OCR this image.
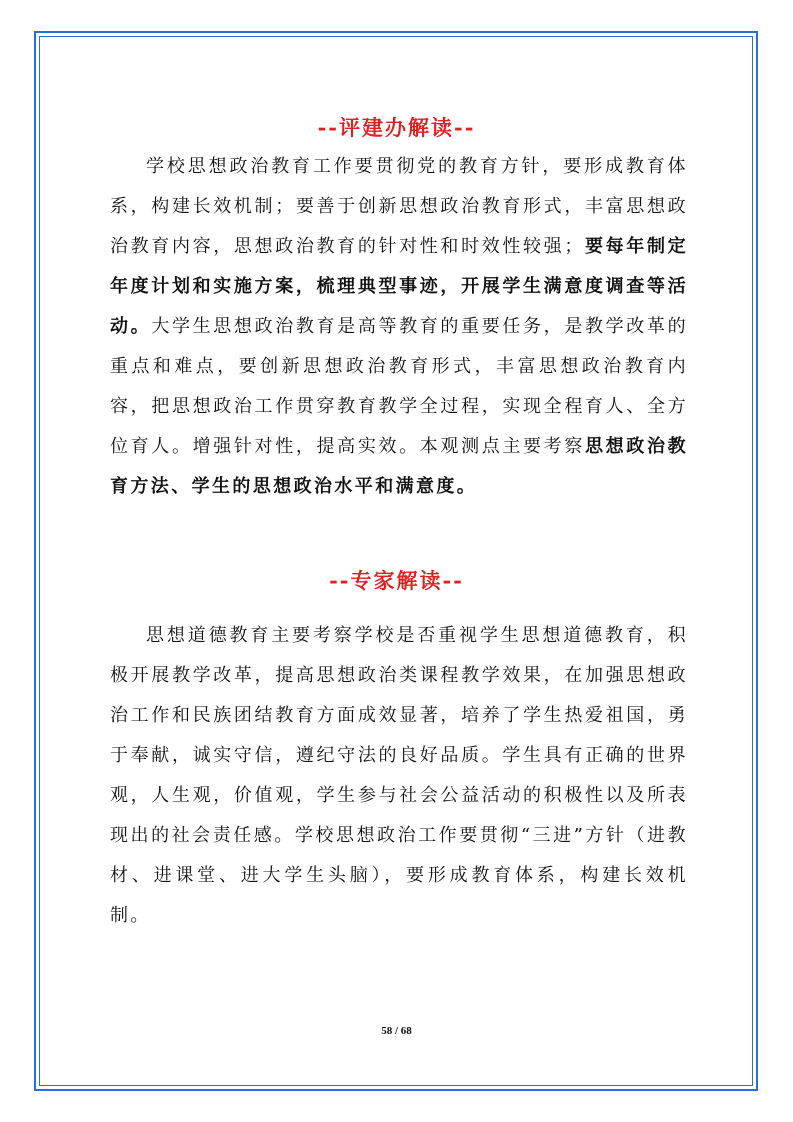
--评建办解读--
学校思想政治教育工作要贯彻党的教育方针，要形成教育体系，构建长效机制；要善于创新思想政治教育形式，丰富思想政治教育内容，思想政治教育的针对性和时效性较强；要每年制定年度计划和实施方案，梳理典型事迹，开展学生满意度调查等活动。大学生思想政治教育是高等教育的重要任务，是教学改革的重点和难点，要创新思想政治教育形式，丰富思想政治教育内容，把思想政治工作贯穿教育教学全过程，实现全程育人、全方位育人。增强针对性，提高实效。本观测点主要考察思想政治教育方法、学生的思想政治水平和满意度。
--专家解读--
思想道德教育主要考察学校是否重视学生思想道德教育，积极开展教学改革，提高思想政治类课程教学效果，在加强思想政治工作和民族团结教育方面成效显著，培养了学生热爱祖国，勇于奉献，诚实守信，遵纪守法的良好品质。学生具有正确的世界观，人生观，价值观，学生参与社会公益活动的积极性以及所表现出的社会责任感。学校思想政治工作要贯彻“三进”方针（进教材、进课堂、进大学生头脑），要形成教育体系，构建长效机制。
58 / 68
